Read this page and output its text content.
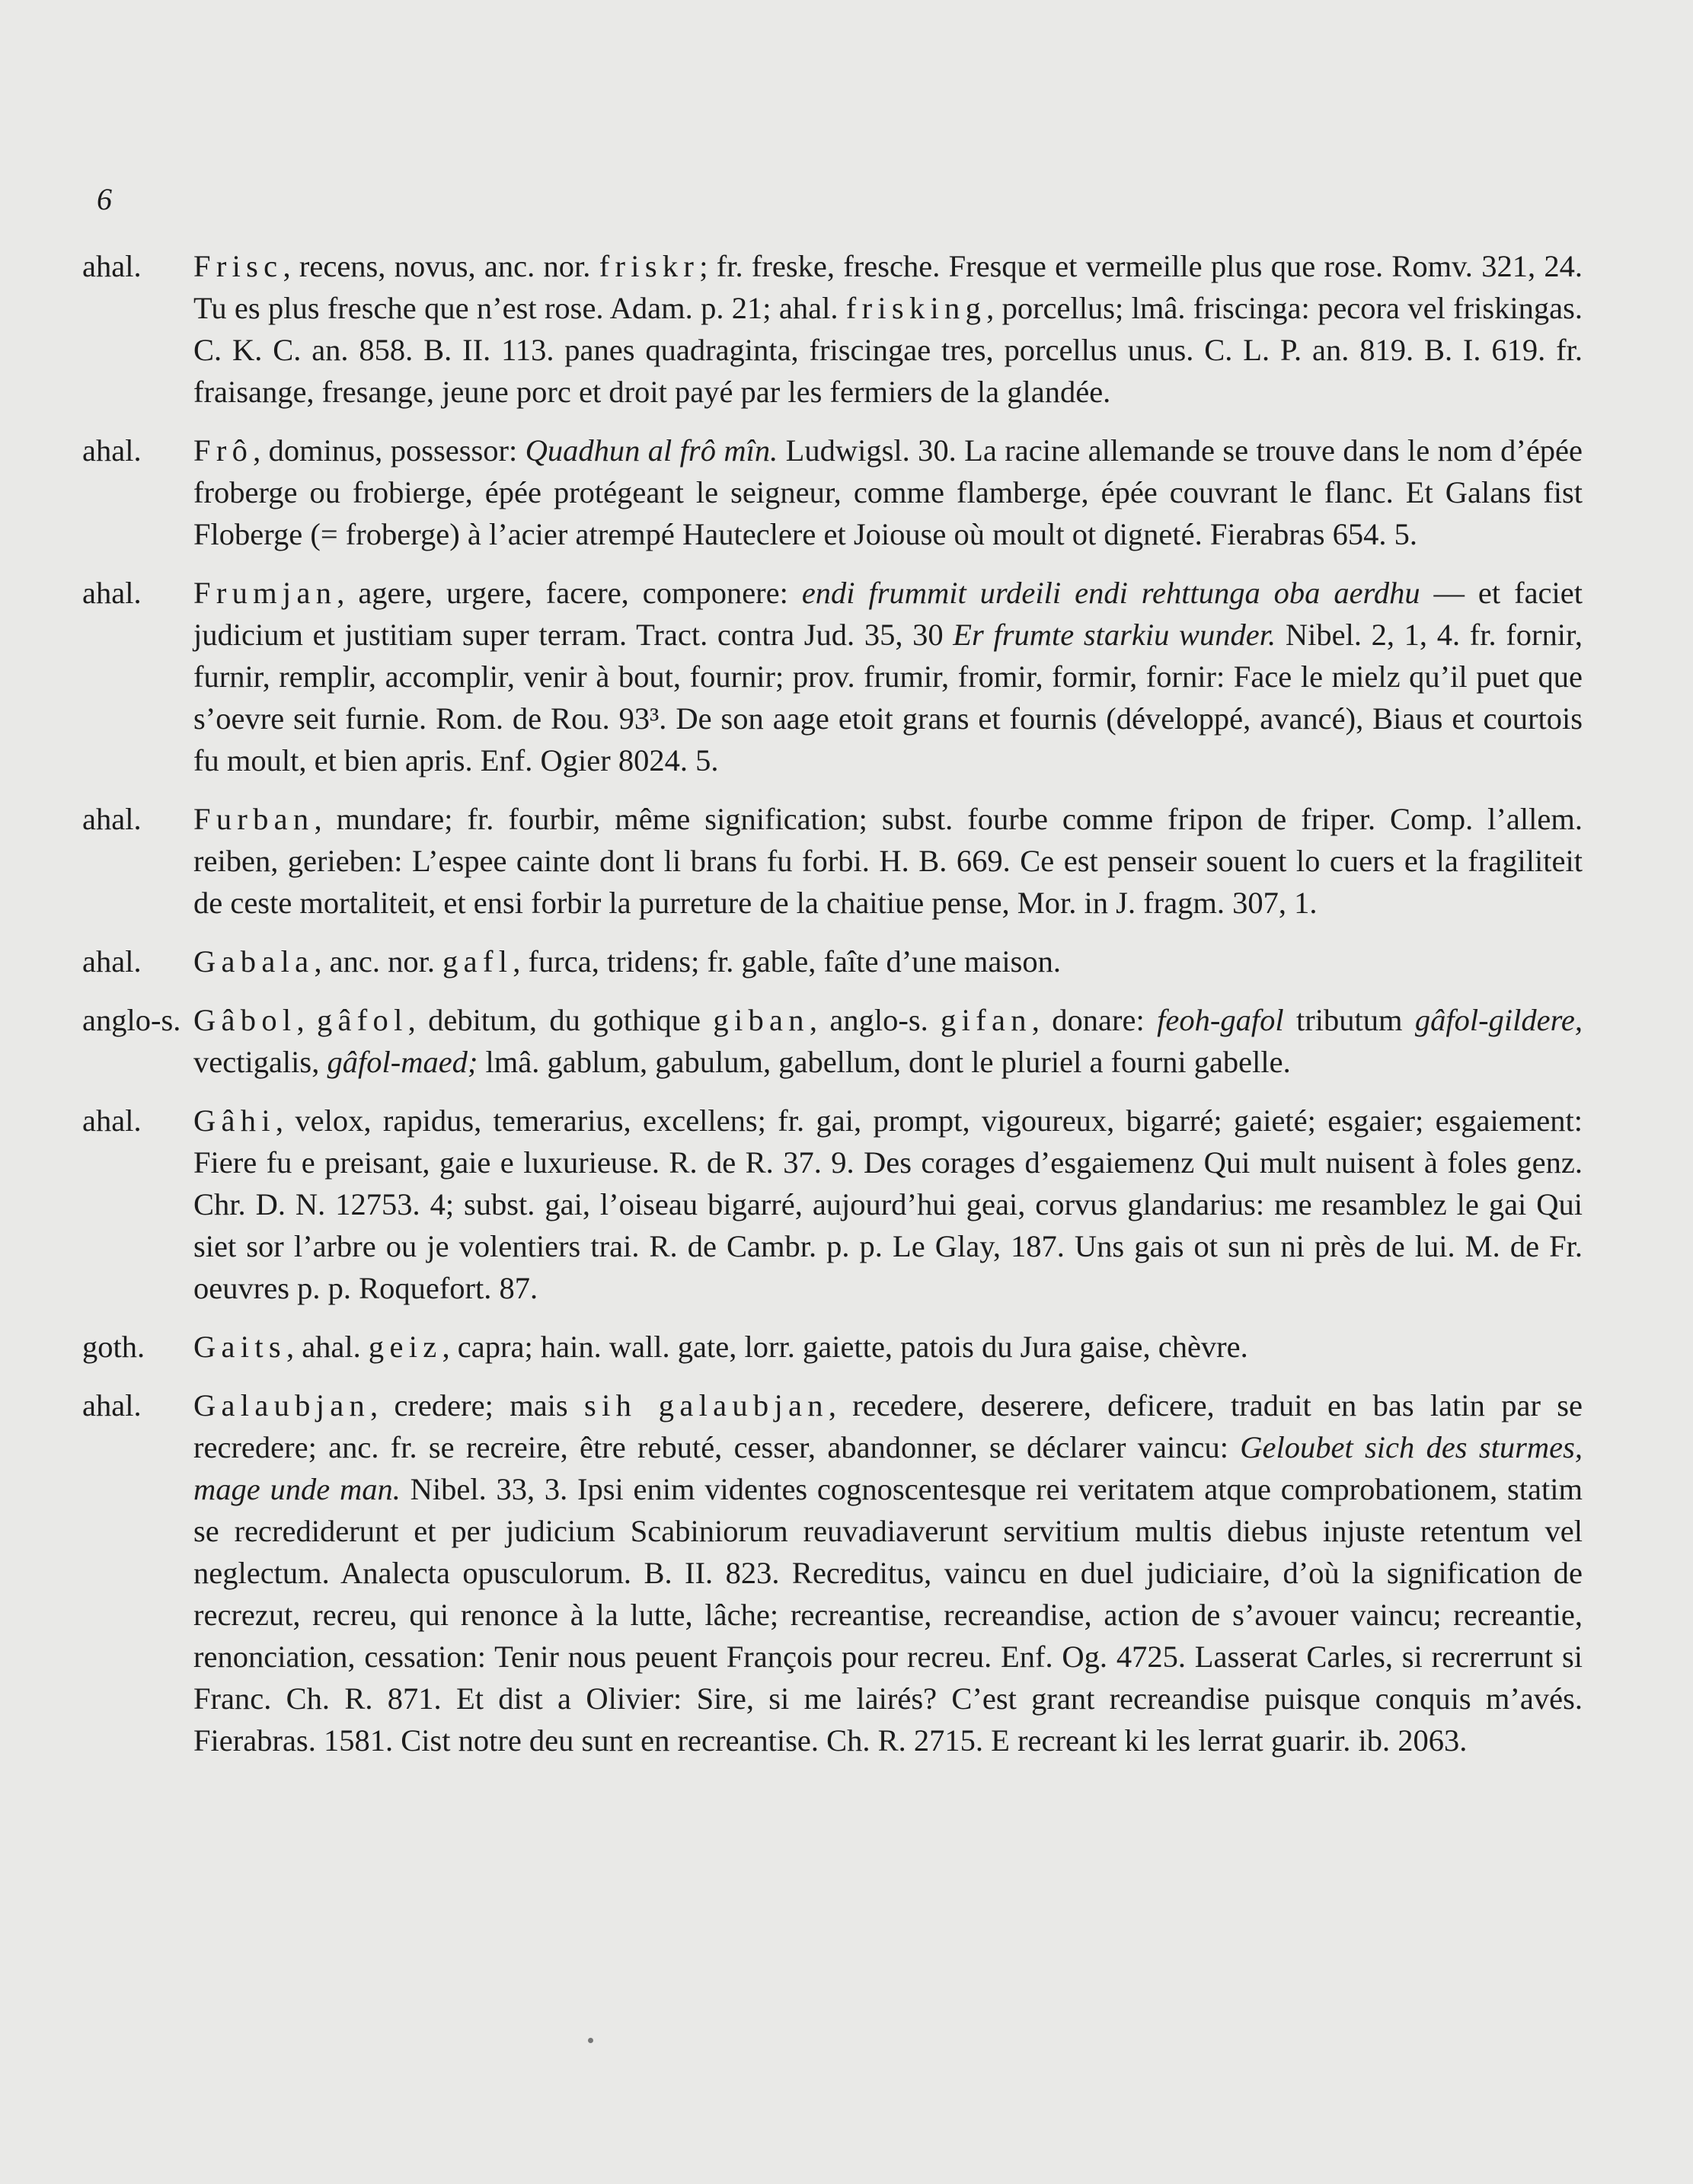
6
ahal.	Frisc, recens, novus, anc. nor. friskr; fr. freske, fresche. Fresque et vermeille plus que rose. Romv. 321, 24. Tu es plus fresche que n’est rose. Adam. p. 21; ahal. frisking, porcellus; lmâ. friscinga: pecora vel friskingas. C. K. C. an. 858. B. II. 113. panes quadraginta, friscingae tres, porcellus unus. C. L. P. an. 819. B. I. 619. fr. fraisange, fresange, jeune porc et droit payé par les fermiers de la glandée.
ahal.	Frô, dominus, possessor: Quadhun al frô mîn. Ludwigsl. 30. La racine allemande se trouve dans le nom d’épée froberge ou frobierge, épée protégeant le seigneur, comme flamberge, épée couvrant le flanc. Et Galans fist Floberge (= froberge) à l’acier atrempé Hauteclere et Joiouse où moult ot digneté. Fierabras 654. 5.
ahal.	Frumjan, agere, urgere, facere, componere: endi frummit urdeili endi rehttunga oba aerdhu — et faciet judicium et justitiam super terram. Tract. contra Jud. 35, 30 Er frumte starkiu wunder. Nibel. 2, 1, 4. fr. fornir, furnir, remplir, accomplir, venir à bout, fournir; prov. frumir, fromir, formir, fornir: Face le mielz qu’il puet que s’oevre seit furnie. Rom. de Rou. 93³. De son aage etoit grans et fournis (développé, avancé), Biaus et courtois fu moult, et bien apris. Enf. Ogier 8024. 5.
ahal.	Furban, mundare; fr. fourbir, même signification; subst. fourbe comme fripon de friper. Comp. l’allem. reiben, gerieben: L’espee cainte dont li brans fu forbi. H. B. 669. Ce est penseir souent lo cuers et la fragiliteit de ceste mortaliteit, et ensi forbir la purreture de la chaitiue pense, Mor. in J. fragm. 307, 1.
ahal.	Gabala, anc. nor. gafl, furca, tridens; fr. gable, faîte d’une maison.
anglo-s. Gâbol, gâfol, debitum, du gothique giban, anglo-s. gifan, donare: feoh-gafol tributum gâfol-gildere, vectigalis, gâfol-maed; lmâ. gablum, gabulum, gabellum, dont le pluriel a fourni gabelle.
ahal.	Gâhi, velox, rapidus, temerarius, excellens; fr. gai, prompt, vigoureux, bigarré; gaieté; esgaier; esgaiement: Fiere fu e preisant, gaie e luxurieuse. R. de R. 37. 9. Des corages d’esgaiemenz Qui mult nuisent à foles genz. Chr. D. N. 12753. 4; subst. gai, l’oiseau bigarré, aujourd’hui geai, corvus glandarius: me resamblez le gai Qui siet sor l’arbre ou je volentiers trai. R. de Cambr. p. p. Le Glay, 187. Uns gais ot sun ni près de lui. M. de Fr. oeuvres p. p. Roquefort. 87.
goth.	Gaits, ahal. geiz, capra; hain. wall. gate, lorr. gaiette, patois du Jura gaise, chèvre.
ahal.	Galaubjan, credere; mais sih galaubjan, recedere, deserere, deficere, traduit en bas latin par se recredere; anc. fr. se recreire, être rebuté, cesser, abandonner, se déclarer vaincu: Geloubet sich des sturmes, mage unde man. Nibel. 33, 3. Ipsi enim videntes cognoscentesque rei veritatem atque comprobationem, statim se recrediderunt et per judicium Scabiniorum reuvadiaverunt servitium multis diebus injuste retentum vel neglectum. Analecta opusculorum. B. II. 823. Recreditus, vaincu en duel judiciaire, d’où la signification de recrezut, recreu, qui renonce à la lutte, lâche; recreantise, recreandise, action de s’avouer vaincu; recreantie, renonciation, cessation: Tenir nous peuent François pour recreu. Enf. Og. 4725. Lasserat Carles, si recrerrunt si Franc. Ch. R. 871. Et dist a Olivier: Sire, si me lairés? C’est grant recreandise puisque conquis m’avés. Fierabras. 1581. Cist notre deu sunt en recreantise. Ch. R. 2715. E recreant ki les lerrat guarir. ib. 2063.
